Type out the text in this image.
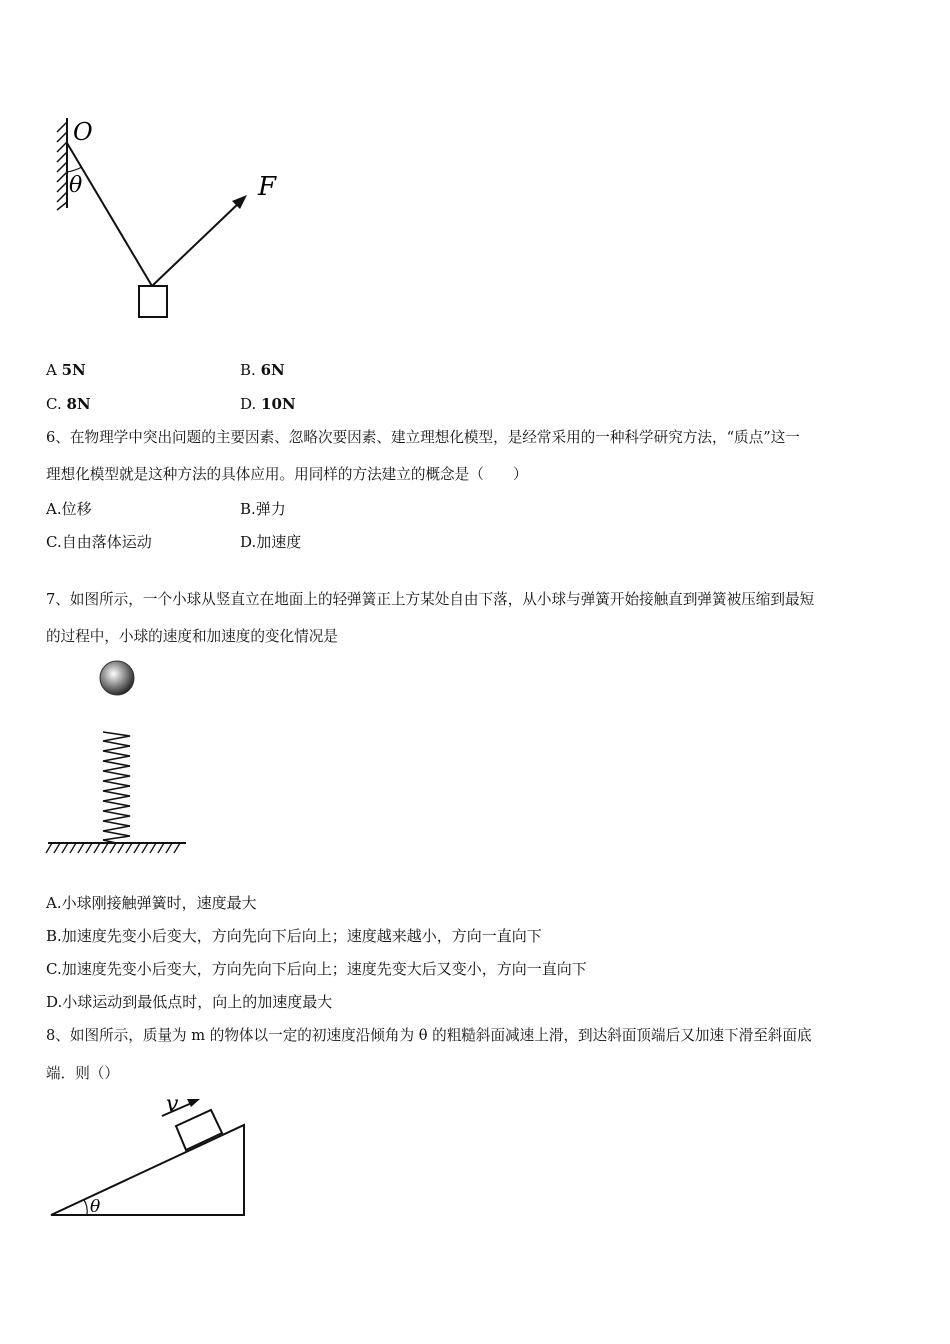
O
θ	F
A 5N	B. 6N
C. 8N	D. 10N
6、在物理学中突出问题的主要因素、忽略次要因素、建立理想化模型，是经常采用的一种科学研究方法，“质点”这一
理想化模型就是这种方法的具体应用。用同样的方法建立的概念是（　　）
A.位移	B.弹力
C.自由落体运动	D.加速度
7、如图所示，一个小球从竖直立在地面上的轻弹簧正上方某处自由下落，从小球与弹簧开始接触直到弹簧被压缩到最短
的过程中，小球的速度和加速度的变化情况是
A.小球刚接触弹簧时，速度最大
B.加速度先变小后变大，方向先向下后向上；速度越来越小，方向一直向下
C.加速度先变小后变大，方向先向下后向上；速度先变大后又变小，方向一直向下
D.小球运动到最低点时，向上的加速度最大
8、如图所示，质量为 m 的物体以一定的初速度沿倾角为 θ 的粗糙斜面减速上滑，到达斜面顶端后又加速下滑至斜面底
端．则（）
v
θ
